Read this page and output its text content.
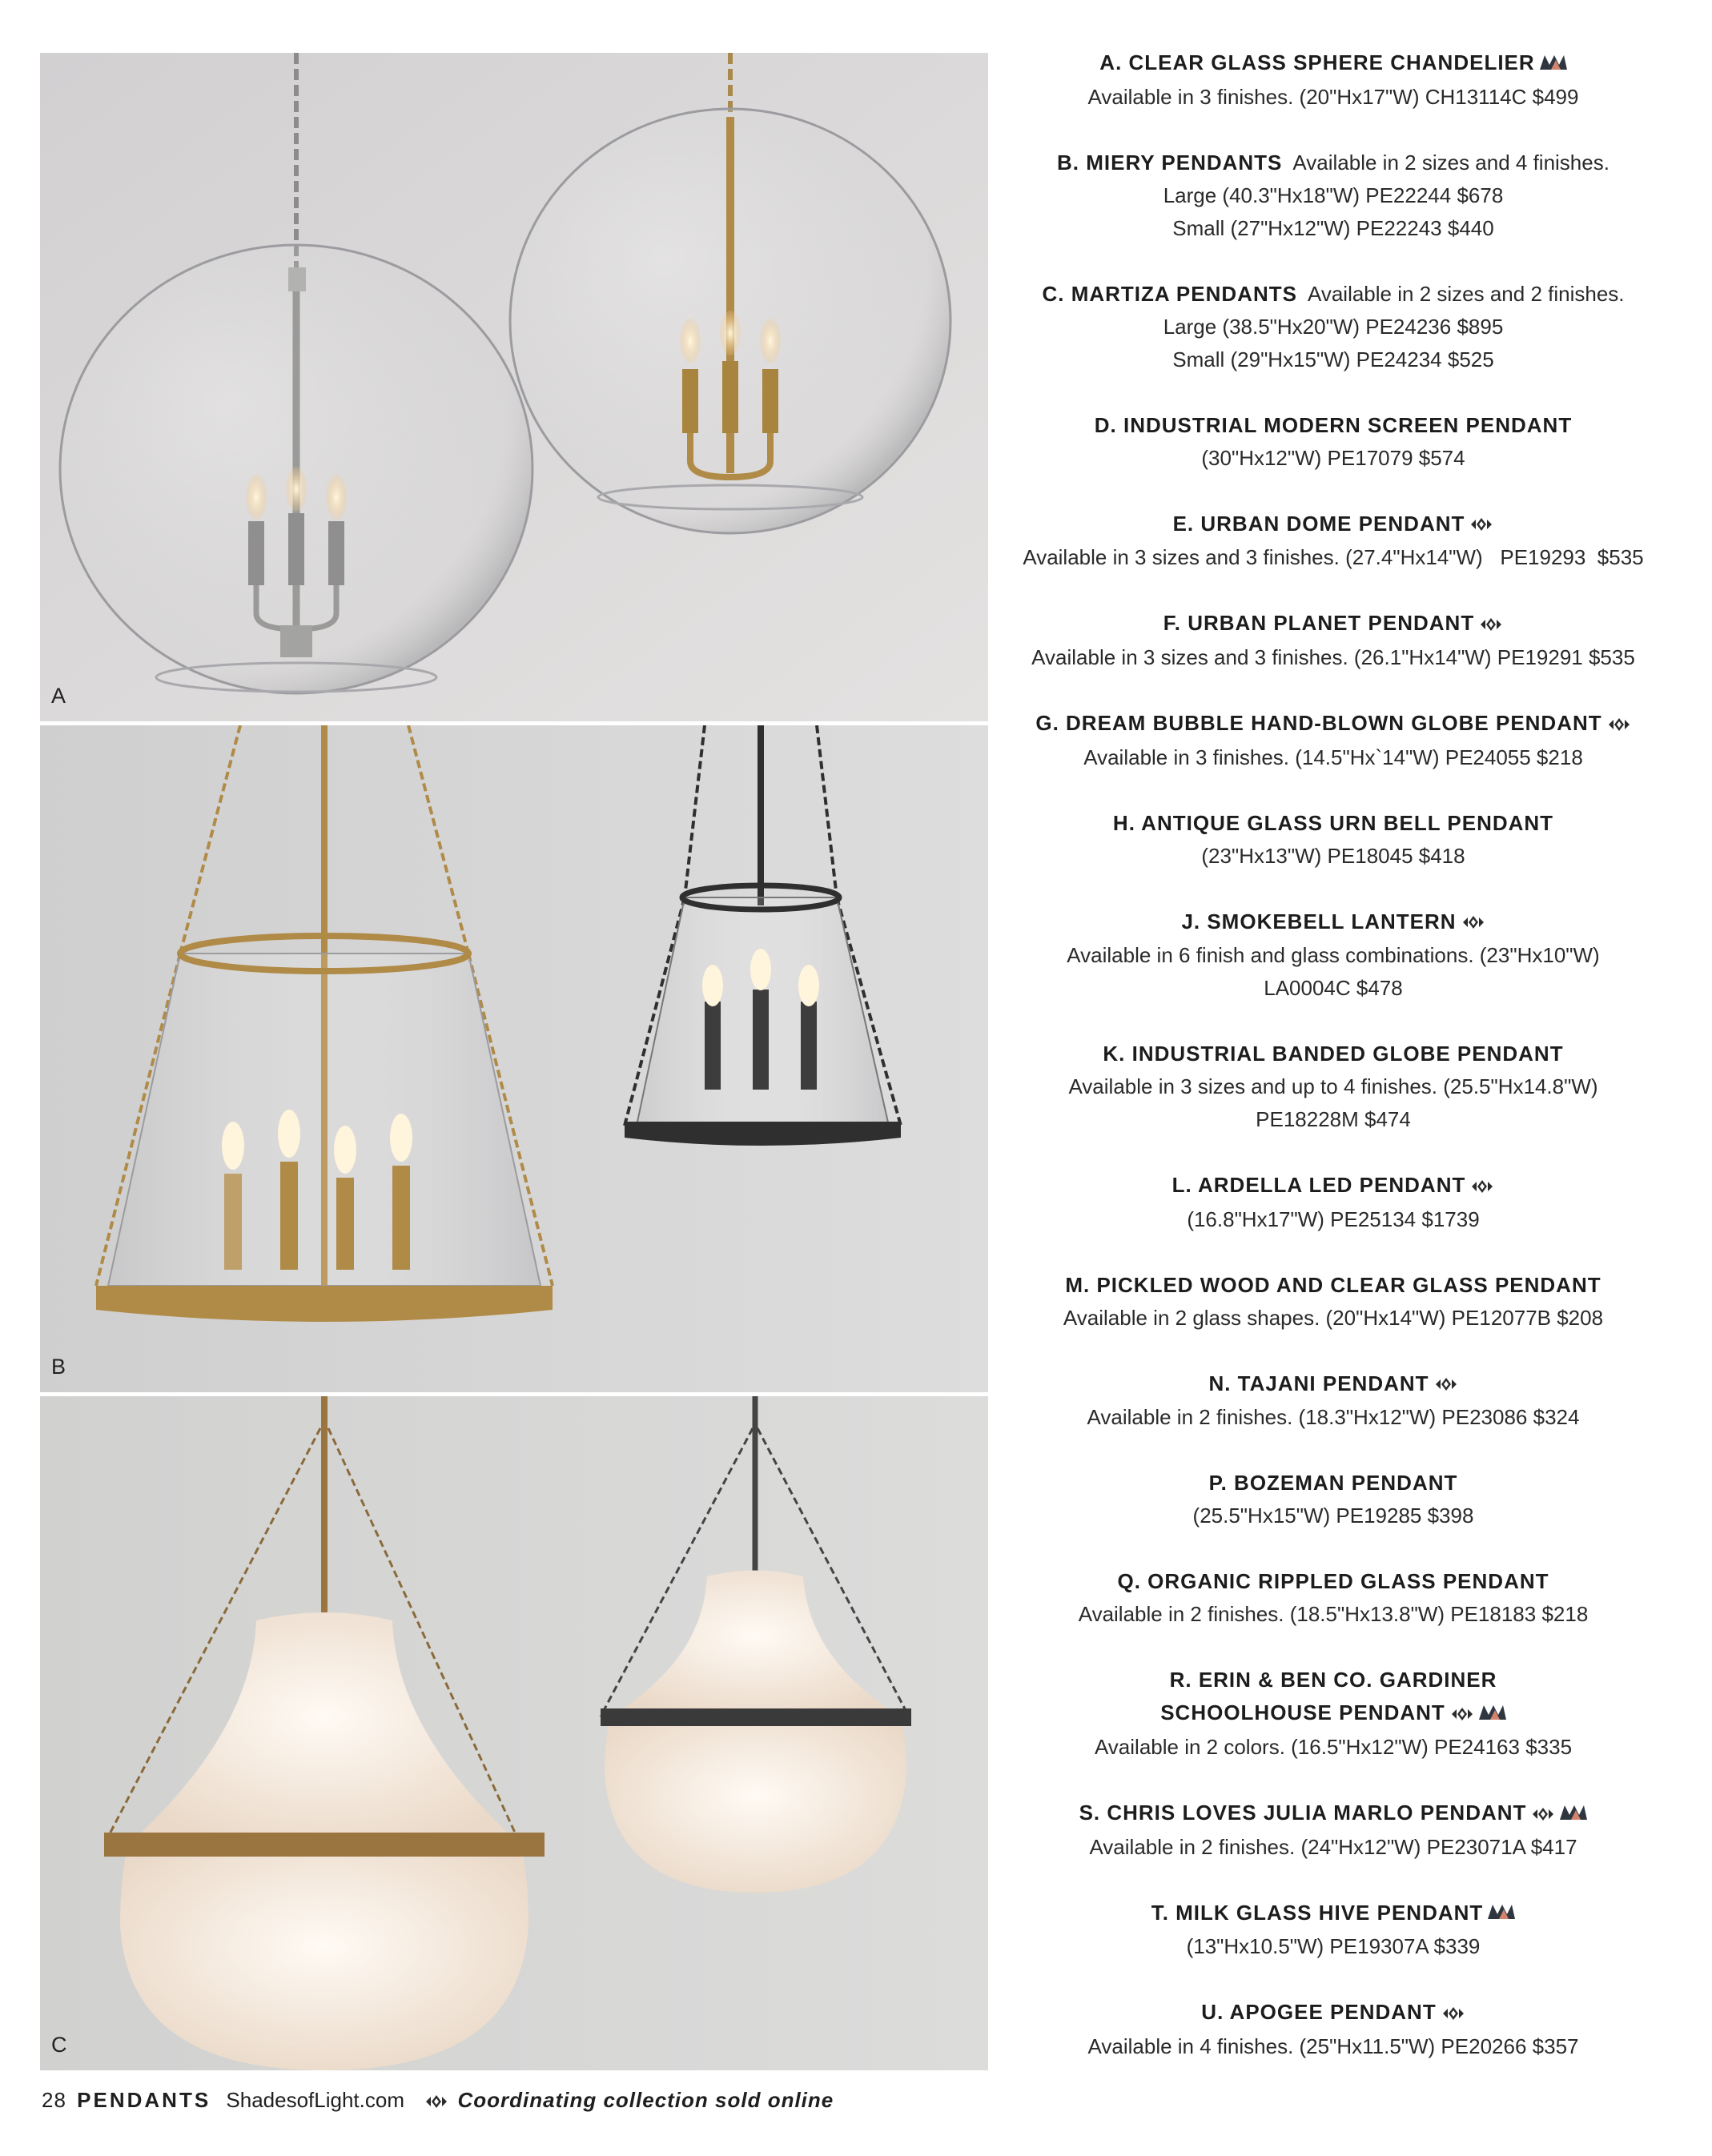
A
B
C
A. CLEAR GLASS SPHERE CHANDELIER
Available in 3 finishes. (20"Hx17"W) CH13114C $499
B. MIERY PENDANTS  Available in 2 sizes and 4 finishes.
Large (40.3"Hx18"W) PE22244 $678
Small (27"Hx12"W) PE22243 $440
C. MARTIZA PENDANTS  Available in 2 sizes and 2 finishes.
Large (38.5"Hx20"W) PE24236 $895
Small (29"Hx15"W) PE24234 $525
D. INDUSTRIAL MODERN SCREEN PENDANT
(30"Hx12"W) PE17079 $574
E. URBAN DOME PENDANT
Available in 3 sizes and 3 finishes. (27.4"Hx14"W)   PE19293  $535
F. URBAN PLANET PENDANT
Available in 3 sizes and 3 finishes. (26.1"Hx14"W) PE19291 $535
G. DREAM BUBBLE HAND-BLOWN GLOBE PENDANT
Available in 3 finishes. (14.5"Hx`14"W) PE24055 $218
H. ANTIQUE GLASS URN BELL PENDANT
(23"Hx13"W) PE18045 $418
J. SMOKEBELL LANTERN
Available in 6 finish and glass combinations. (23"Hx10"W)
LA0004C $478
K. INDUSTRIAL BANDED GLOBE PENDANT
Available in 3 sizes and up to 4 finishes. (25.5"Hx14.8"W)
PE18228M $474
L. ARDELLA LED PENDANT
(16.8"Hx17"W) PE25134 $1739
M. PICKLED WOOD AND CLEAR GLASS PENDANT
Available in 2 glass shapes. (20"Hx14"W) PE12077B $208
N. TAJANI PENDANT
Available in 2 finishes. (18.3"Hx12"W) PE23086 $324
P. BOZEMAN PENDANT
(25.5"Hx15"W) PE19285 $398
Q. ORGANIC RIPPLED GLASS PENDANT
Available in 2 finishes. (18.5"Hx13.8"W) PE18183 $218
R. ERIN & BEN CO. GARDINER
SCHOOLHOUSE PENDANT
Available in 2 colors. (16.5"Hx12"W) PE24163 $335
S. CHRIS LOVES JULIA MARLO PENDANT
Available in 2 finishes. (24"Hx12"W) PE23071A $417
T. MILK GLASS HIVE PENDANT
(13"Hx10.5"W) PE19307A $339
U. APOGEE PENDANT
Available in 4 finishes. (25"Hx11.5"W) PE20266 $357
28 PENDANTS ShadesofLight.com	Coordinating collection sold online
